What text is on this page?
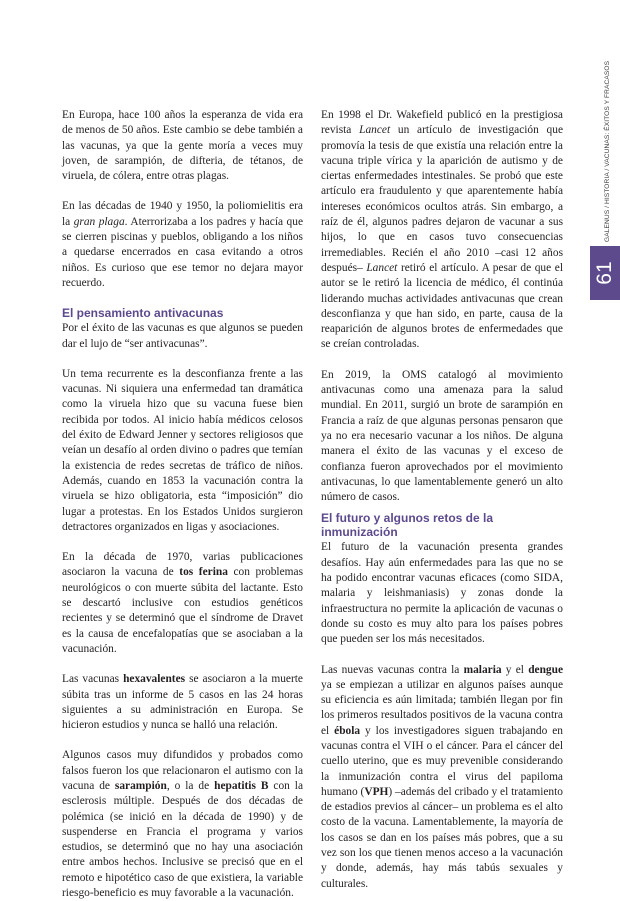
GALENUS / HISTORIA / VACUNAS: ÉXITOS Y FRACASOS
61

En Europa, hace 100 años la esperanza de vida era de menos de 50 años. Este cambio se debe también a las vacunas, ya que la gente moría a veces muy joven, de sarampión, de difteria, de tétanos, de viruela, de cólera, entre otras plagas.

En las décadas de 1940 y 1950, la poliomielitis era la gran plaga. Aterrorizaba a los padres y hacía que se cierren piscinas y pueblos, obligando a los niños a quedarse encerrados en casa evitando a otros niños. Es curioso que ese temor no dejara mayor recuerdo.

El pensamiento antivacunas

Por el éxito de las vacunas es que algunos se pueden dar el lujo de “ser antivacunas”.

Un tema recurrente es la desconfianza frente a las vacunas. Ni siquiera una enfermedad tan dramática como la viruela hizo que su vacuna fuese bien recibida por todos. Al inicio había médicos celosos del éxito de Edward Jenner y sectores religiosos que veían un desafío al orden divino o padres que temían la existencia de redes secretas de tráfico de niños. Además, cuando en 1853 la vacunación contra la viruela se hizo obligatoria, esta “imposición” dio lugar a protestas. En los Estados Unidos surgieron detractores organizados en ligas y asociaciones.

En la década de 1970, varias publicaciones asociaron la vacuna de tos ferina con problemas neurológicos o con muerte súbita del lactante. Esto se descartó inclusive con estudios genéticos recientes y se determinó que el síndrome de Dravet es la causa de encefalopatías que se asociaban a la vacunación.

Las vacunas hexavalentes se asociaron a la muerte súbita tras un informe de 5 casos en las 24 horas siguientes a su administración en Europa. Se hicieron estudios y nunca se halló una relación.

Algunos casos muy difundidos y probados como falsos fueron los que relacionaron el autismo con la vacuna de sarampión, o la de hepatitis B con la esclerosis múltiple. Después de dos décadas de polémica (se inició en la década de 1990) y de suspenderse en Francia el programa y varios estudios, se determinó que no hay una asociación entre ambos hechos. Inclusive se precisó que en el remoto e hipotético caso de que existiera, la variable riesgo-beneficio es muy favorable a la vacunación.

En 1998 el Dr. Wakefield publicó en la prestigiosa revista Lancet un artículo de investigación que promovía la tesis de que existía una relación entre la vacuna triple vírica y la aparición de autismo y de ciertas enfermedades intestinales. Se probó que este artículo era fraudulento y que aparentemente había intereses económicos ocultos atrás. Sin embargo, a raíz de él, algunos padres dejaron de vacunar a sus hijos, lo que en casos tuvo consecuencias irremediables. Recién el año 2010 –casi 12 años después– Lancet retiró el artículo. A pesar de que el autor se le retiró la licencia de médico, él continúa liderando muchas actividades antivacunas que crean desconfianza y que han sido, en parte, causa de la reaparición de algunos brotes de enfermedades que se creían controladas.

En 2019, la OMS catalogó al movimiento antivacunas como una amenaza para la salud mundial. En 2011, surgió un brote de sarampión en Francia a raíz de que algunas personas pensaron que ya no era necesario vacunar a los niños. De alguna manera el éxito de las vacunas y el exceso de confianza fueron aprovechados por el movimiento antivacunas, lo que lamentablemente generó un alto número de casos.

El futuro y algunos retos de la inmunización

El futuro de la vacunación presenta grandes desafíos. Hay aún enfermedades para las que no se ha podido encontrar vacunas eficaces (como SIDA, malaria y leishmaniasis) y zonas donde la infraestructura no permite la aplicación de vacunas o donde su costo es muy alto para los países pobres que pueden ser los más necesitados.

Las nuevas vacunas contra la malaria y el dengue ya se empiezan a utilizar en algunos países aunque su eficiencia es aún limitada; también llegan por fin los primeros resultados positivos de la vacuna contra el ébola y los investigadores siguen trabajando en vacunas contra el VIH o el cáncer. Para el cáncer del cuello uterino, que es muy prevenible considerando la inmunización contra el virus del papiloma humano (VPH) –además del cribado y el tratamiento de estadios previos al cáncer– un problema es el alto costo de la vacuna. Lamentablemente, la mayoría de los casos se dan en los países más pobres, que a su vez son los que tienen menos acceso a la vacunación y donde, además, hay más tabús sexuales y culturales.
